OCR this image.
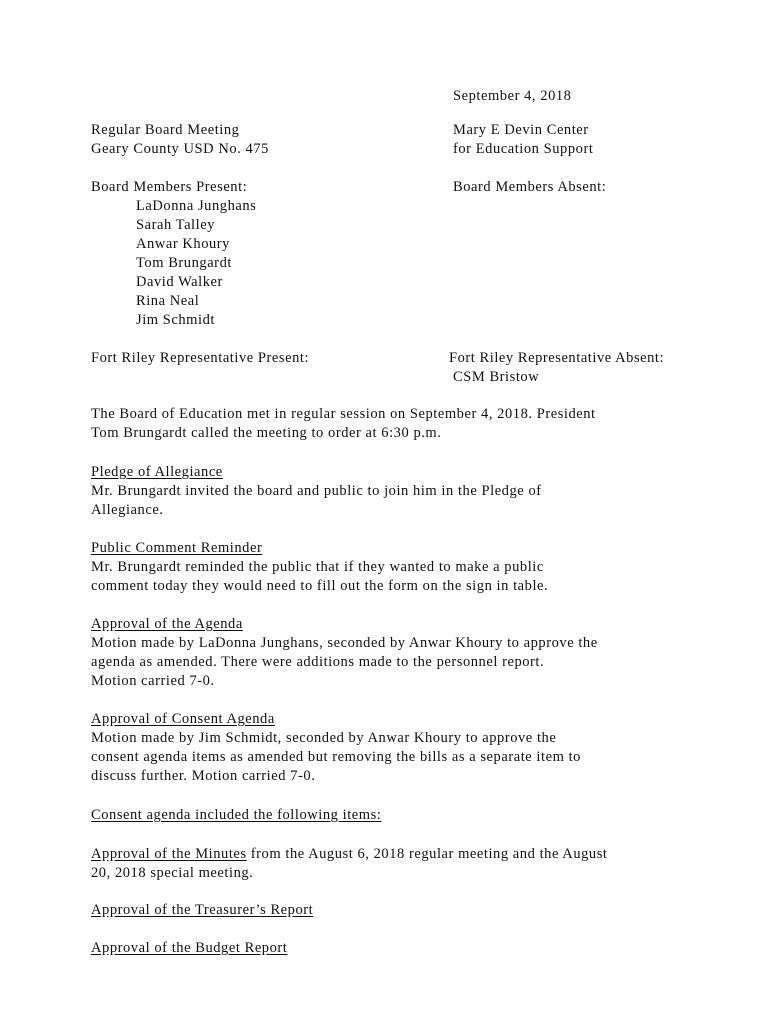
September 4, 2018
Regular Board Meeting
Geary County USD No. 475
Mary E Devin Center
for Education Support
Board Members Present:	Board Members Absent:
LaDonna Junghans
Sarah Talley
Anwar Khoury
Tom Brungardt
David Walker
Rina Neal
Jim Schmidt
Fort Riley Representative Present:	Fort Riley Representative Absent:
CSM Bristow
The Board of Education met in regular session on September 4, 2018. President
Tom Brungardt called the meeting to order at 6:30 p.m.
Pledge of Allegiance
Mr. Brungardt invited the board and public to join him in the Pledge of
Allegiance.
Public Comment Reminder
Mr. Brungardt reminded the public that if they wanted to make a public
comment today they would need to fill out the form on the sign in table.
Approval of the Agenda
Motion made by LaDonna Junghans, seconded by Anwar Khoury to approve the
agenda as amended. There were additions made to the personnel report.
Motion carried 7-0.
Approval of Consent Agenda
Motion made by Jim Schmidt, seconded by Anwar Khoury to approve the
consent agenda items as amended but removing the bills as a separate item to
discuss further. Motion carried 7-0.
Consent agenda included the following items:
Approval of the Minutes from the August 6, 2018 regular meeting and the August
20, 2018 special meeting.
Approval of the Treasurer’s Report
Approval of the Budget Report
